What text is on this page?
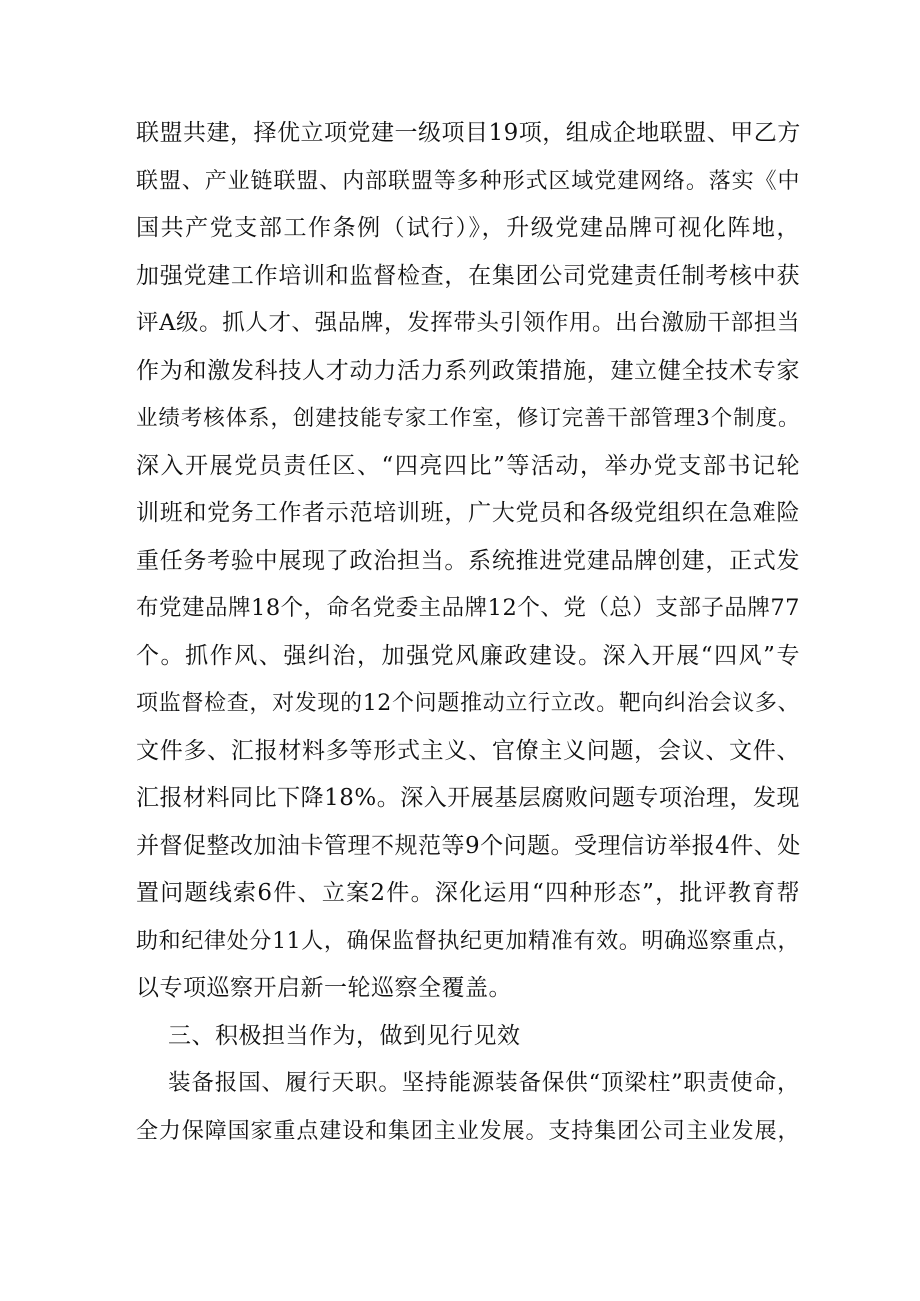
联盟共建，择优立项党建一级项目19项，组成企地联盟、甲乙方
联盟、产业链联盟、内部联盟等多种形式区域党建网络。落实《中
国共产党支部工作条例（试行）》，升级党建品牌可视化阵地，
加强党建工作培训和监督检查，在集团公司党建责任制考核中获
评A级。抓人才、强品牌，发挥带头引领作用。出台激励干部担当
作为和激发科技人才动力活力系列政策措施，建立健全技术专家
业绩考核体系，创建技能专家工作室，修订完善干部管理3个制度。
深入开展党员责任区、“四亮四比”等活动，举办党支部书记轮
训班和党务工作者示范培训班，广大党员和各级党组织在急难险
重任务考验中展现了政治担当。系统推进党建品牌创建，正式发
布党建品牌18个，命名党委主品牌12个、党（总）支部子品牌77
个。抓作风、强纠治，加强党风廉政建设。深入开展“四风”专
项监督检查，对发现的12个问题推动立行立改。靶向纠治会议多、
文件多、汇报材料多等形式主义、官僚主义问题，会议、文件、
汇报材料同比下降18%。深入开展基层腐败问题专项治理，发现
并督促整改加油卡管理不规范等9个问题。受理信访举报4件、处
置问题线索6件、立案2件。深化运用“四种形态”，批评教育帮
助和纪律处分11人，确保监督执纪更加精准有效。明确巡察重点，
以专项巡察开启新一轮巡察全覆盖。
三、积极担当作为，做到见行见效
装备报国、履行天职。坚持能源装备保供“顶梁柱”职责使命，
全力保障国家重点建设和集团主业发展。支持集团公司主业发展，
